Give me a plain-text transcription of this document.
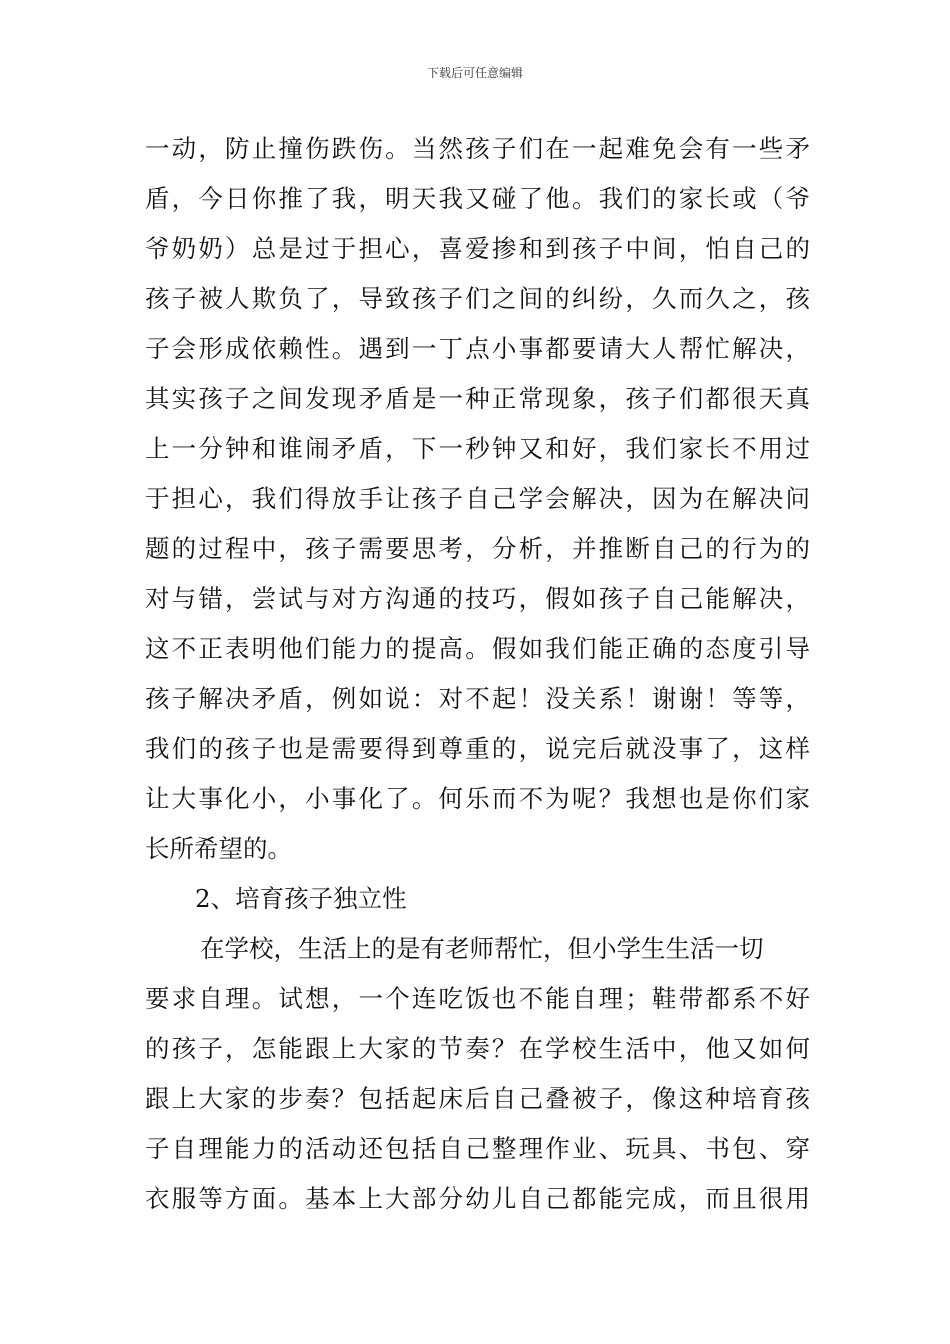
下载后可任意编辑
一动，防止撞伤跌伤。当然孩子们在一起难免会有一些矛
盾，今日你推了我，明天我又碰了他。我们的家长或（爷
爷奶奶）总是过于担心，喜爱掺和到孩子中间，怕自己的
孩子被人欺负了，导致孩子们之间的纠纷，久而久之，孩
子会形成依赖性。遇到一丁点小事都要请大人帮忙解决，
其实孩子之间发现矛盾是一种正常现象，孩子们都很天真
上一分钟和谁闹矛盾，下一秒钟又和好，我们家长不用过
于担心，我们得放手让孩子自己学会解决，因为在解决问
题的过程中，孩子需要思考，分析，并推断自己的行为的
对与错，尝试与对方沟通的技巧，假如孩子自己能解决，
这不正表明他们能力的提高。假如我们能正确的态度引导
孩子解决矛盾，例如说：对不起！没关系！谢谢！等等，
我们的孩子也是需要得到尊重的，说完后就没事了，这样
让大事化小，小事化了。何乐而不为呢？我想也是你们家
长所希望的。
2、培育孩子独立性
在学校，生活上的是有老师帮忙，但小学生生活一切
要求自理。试想，一个连吃饭也不能自理；鞋带都系不好
的孩子，怎能跟上大家的节奏？在学校生活中，他又如何
跟上大家的步奏？包括起床后自己叠被子，像这种培育孩
子自理能力的活动还包括自己整理作业、玩具、书包、穿
衣服等方面。基本上大部分幼儿自己都能完成，而且很用
